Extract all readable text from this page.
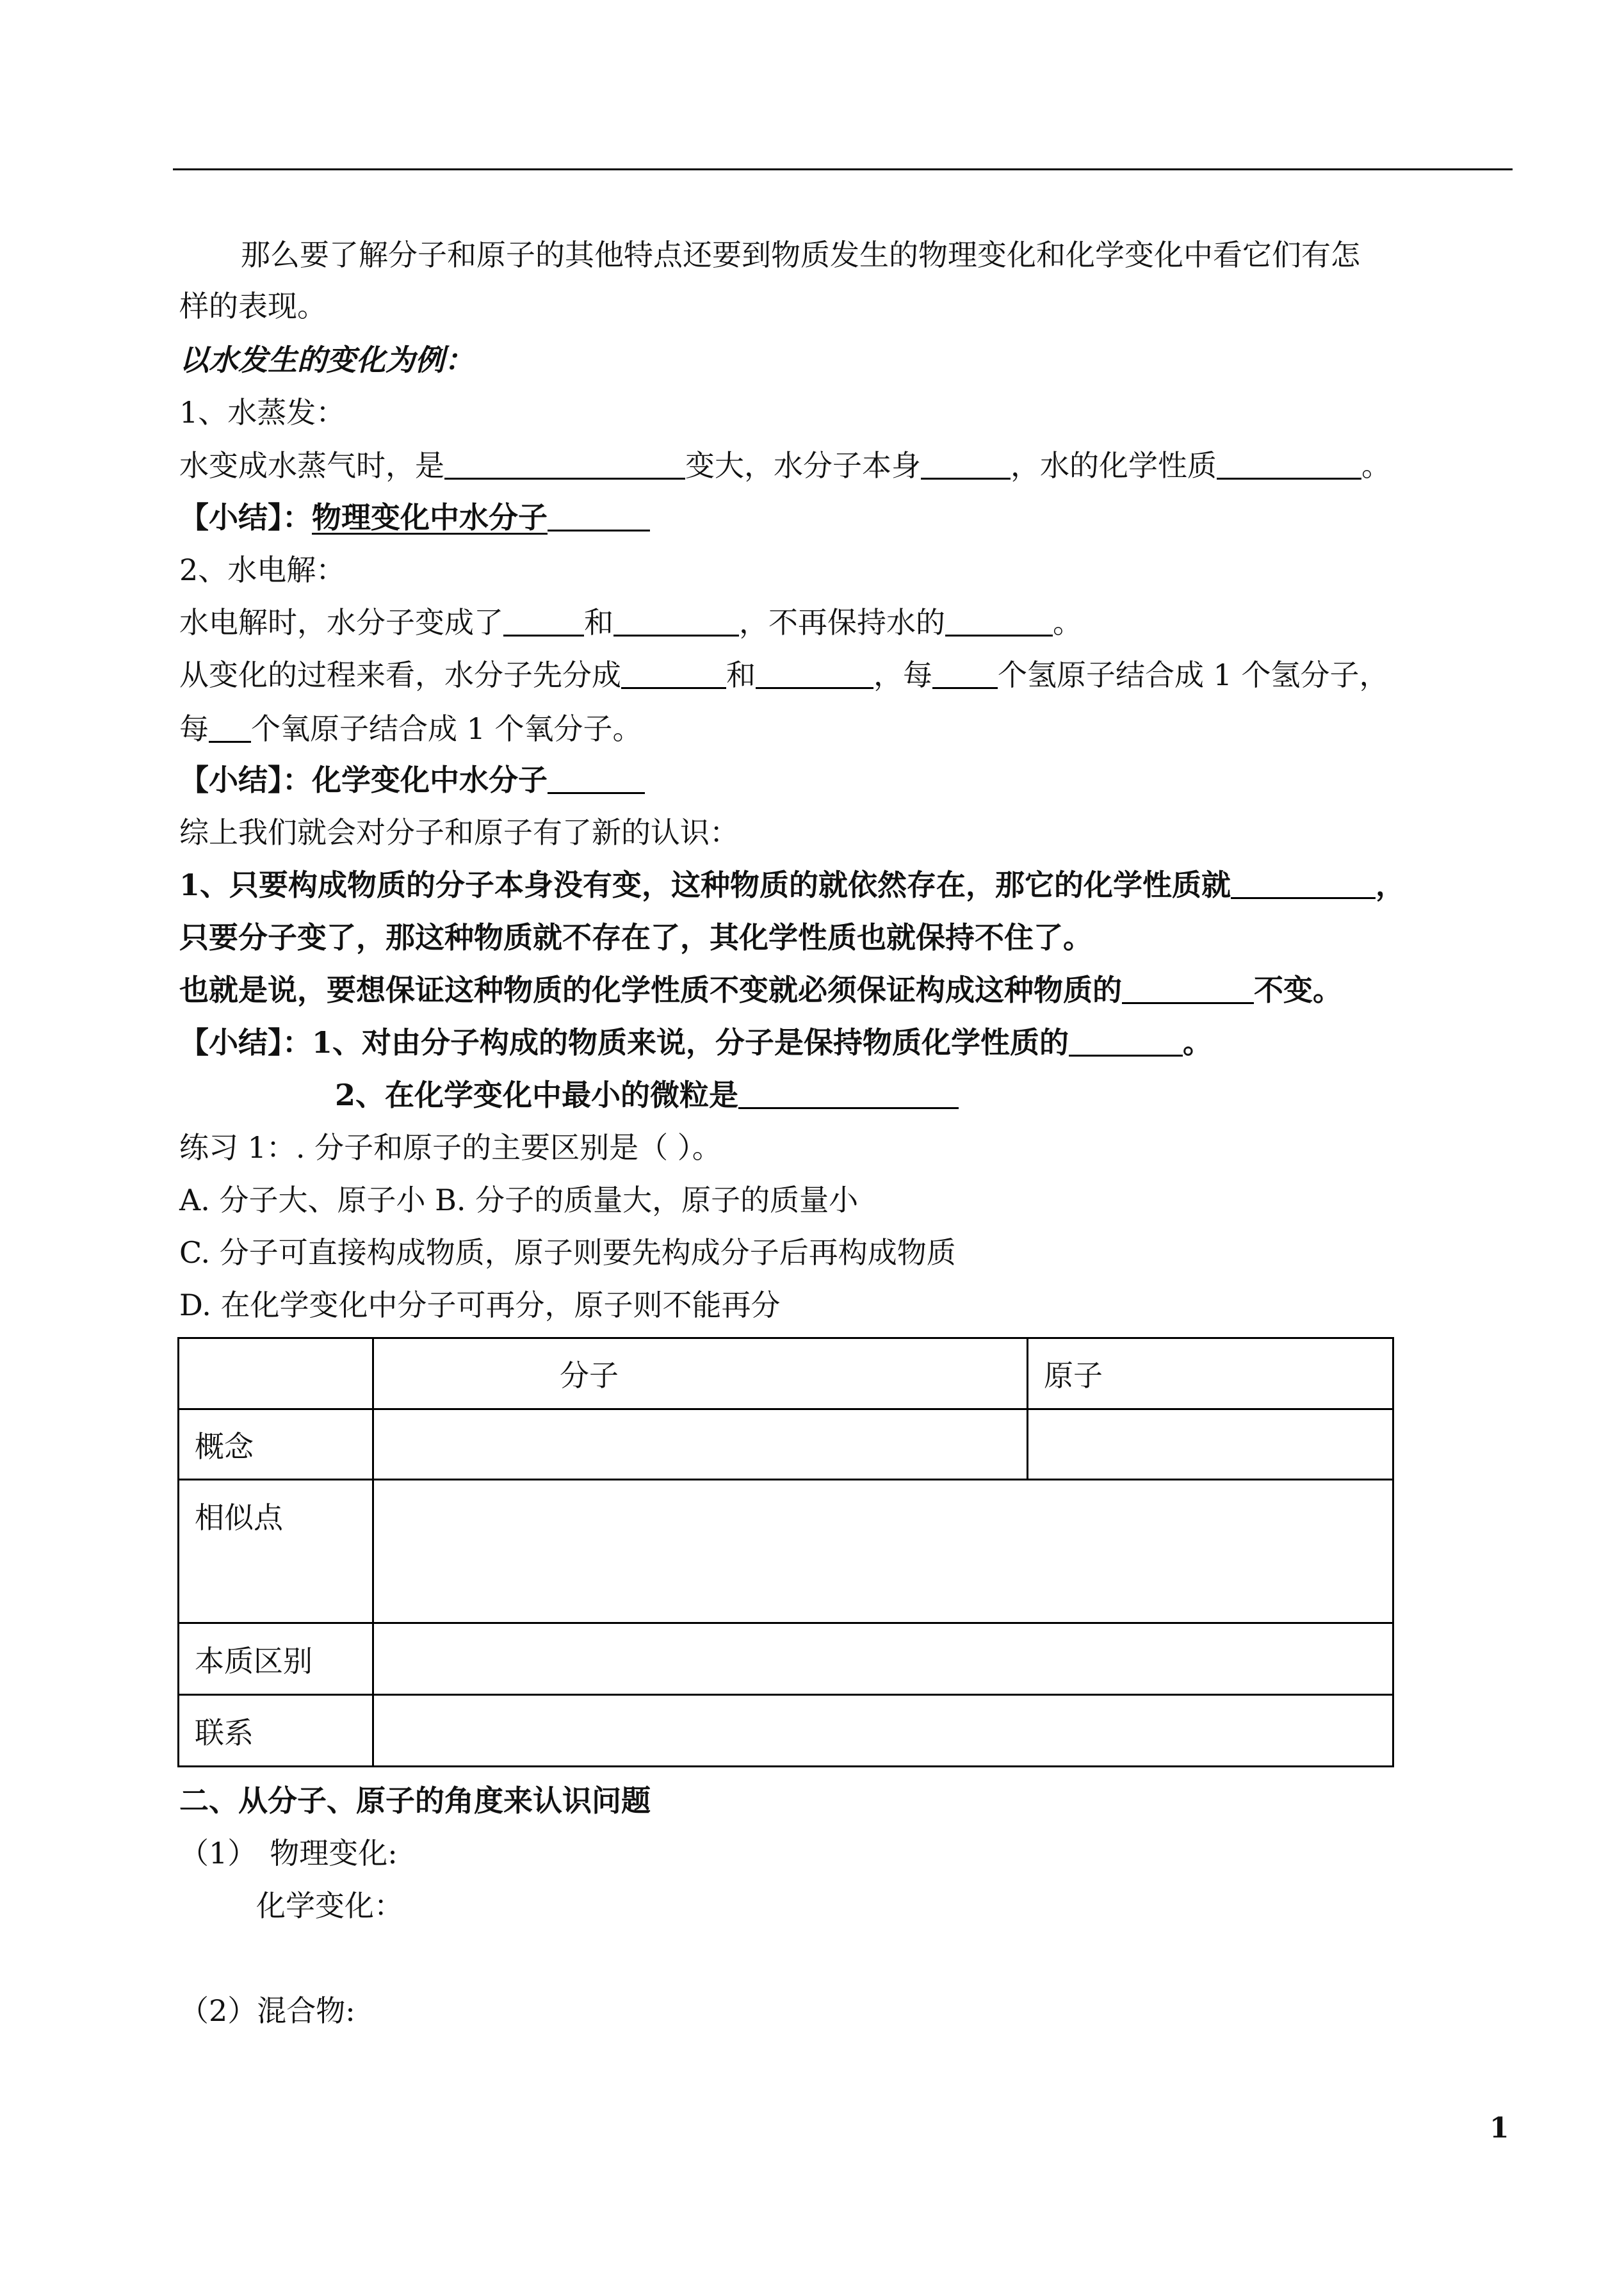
那么要了解分子和原子的其他特点还要到物质发生的物理变化和化学变化中看它们有怎
样的表现。
以水发生的变化为例：
1、水蒸发：
水变成水蒸气时，是	变大，水分子本身	，水的化学性质	。
【小结】：物理变化中水分子
2、水电解：
水电解时，水分子变成了	和	，不再保持水的	。
从变化的过程来看，水分子先分成	和	，每 个氢原子结合成 1 个氢分子，
每 个氧原子结合成 1 个氧分子。
【小结】：化学变化中水分子
综上我们就会对分子和原子有了新的认识：
1、只要构成物质的分子本身没有变，这种物质的就依然存在，那它的化学性质就	，
只要分子变了，那这种物质就不存在了，其化学性质也就保持不住了。
也就是说，要想保证这种物质的化学性质不变就必须保证构成这种物质的	不变。
【小结】：1、对由分子构成的物质来说，分子是保持物质化学性质的	。
2、在化学变化中最小的微粒是
练习 1：. 分子和原子的主要区别是（ ）。
A. 分子大、原子小 B. 分子的质量大，原子的质量小
C. 分子可直接构成物质，原子则要先构成分子后再构成物质
D. 在化学变化中分子可再分，原子则不能再分
	分子	原子
概念		
相似点		
本质区别		
联系		
二、从分子、原子的角度来认识问题
（1） 物理变化:
化学变化：
（2）混合物:
1
